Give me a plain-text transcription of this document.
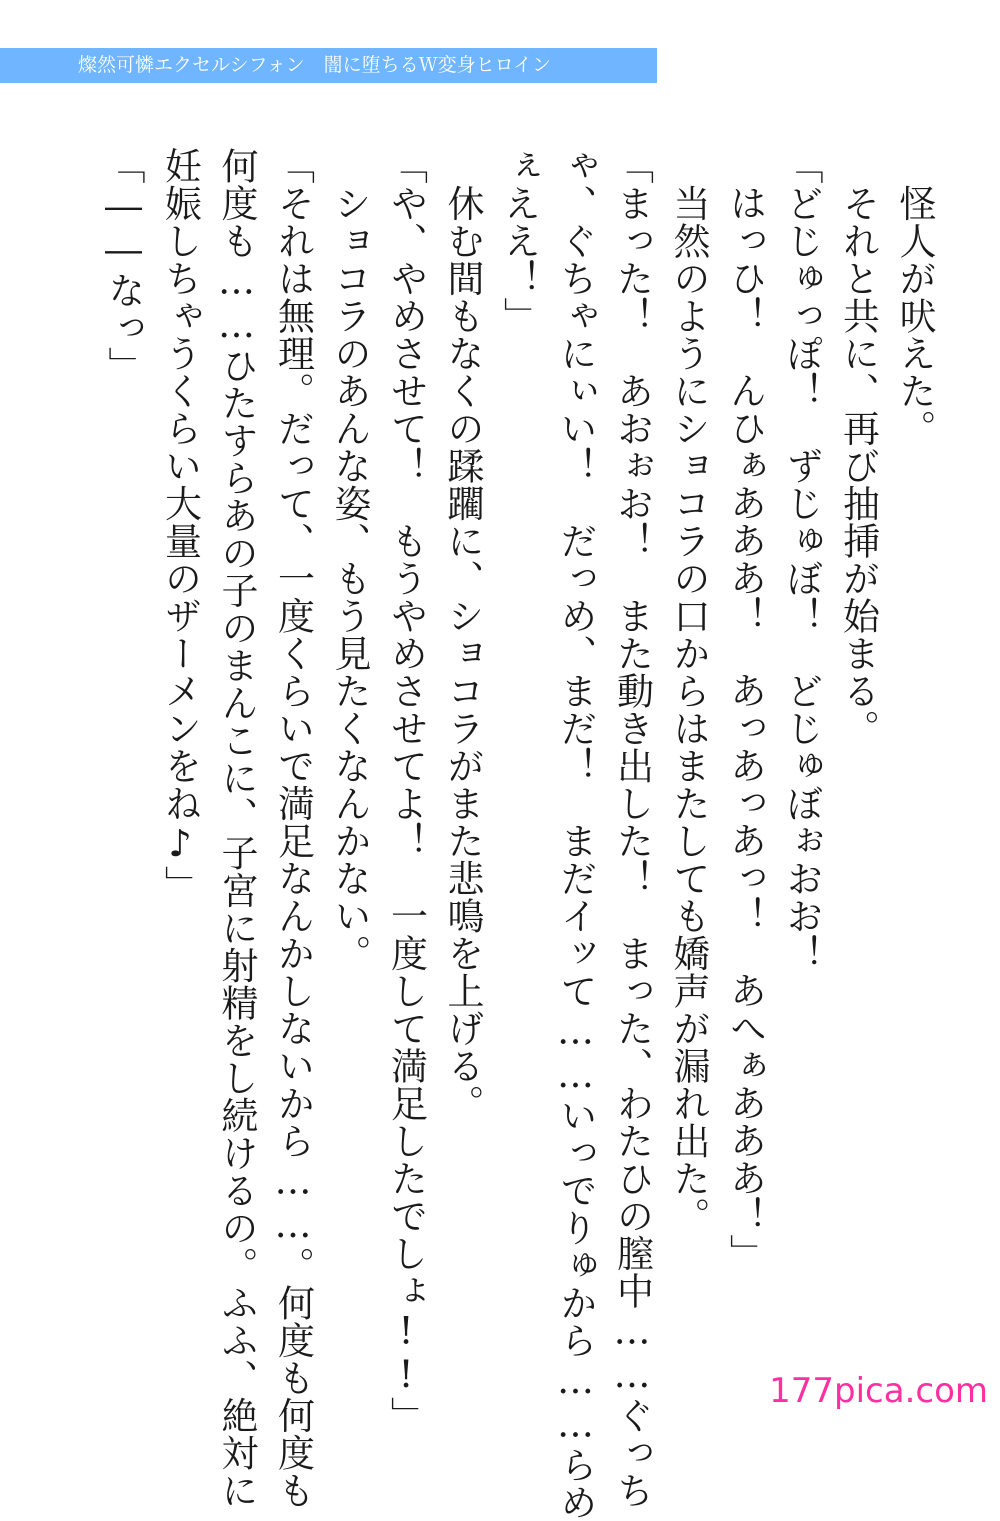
燦然可憐エクセルシフォン　闇に堕ちるＷ変身ヒロイン
　怪人が吠えた。
　それと共に、再び抽挿が始まる。
「どじゅっぽ！　ずじゅぼ！　どじゅぼぉおお！
はっひ！　んひぁあああ！　あっあっあっ！　あへぁあああ！」
　当然のようにショコラの口からはまたしても嬌声が漏れ出た。
「まった！　あおぉお！　また動き出した！　まった、わたひの膣中……ぐっち
ゃ、ぐちゃにぃい！　だっめ、まだ！　まだイッて……いっでりゅから……らめ
ぇええ！」
　休む間もなくの蹂躙に、ショコラがまた悲鳴を上げる。
「や、やめさせて！　もうやめさせてよ！　一度して満足したでしょ!!」
　ショコラのあんな姿、もう見たくなんかない。
「それは無理。だって、一度くらいで満足なんかしないから……。何度も何度も
何度も……ひたすらあの子のまんこに、子宮に射精をし続けるの。ふふ、絶対に
妊娠しちゃうくらい大量のザーメンをね♪」
「――なっ」
177pica.com
